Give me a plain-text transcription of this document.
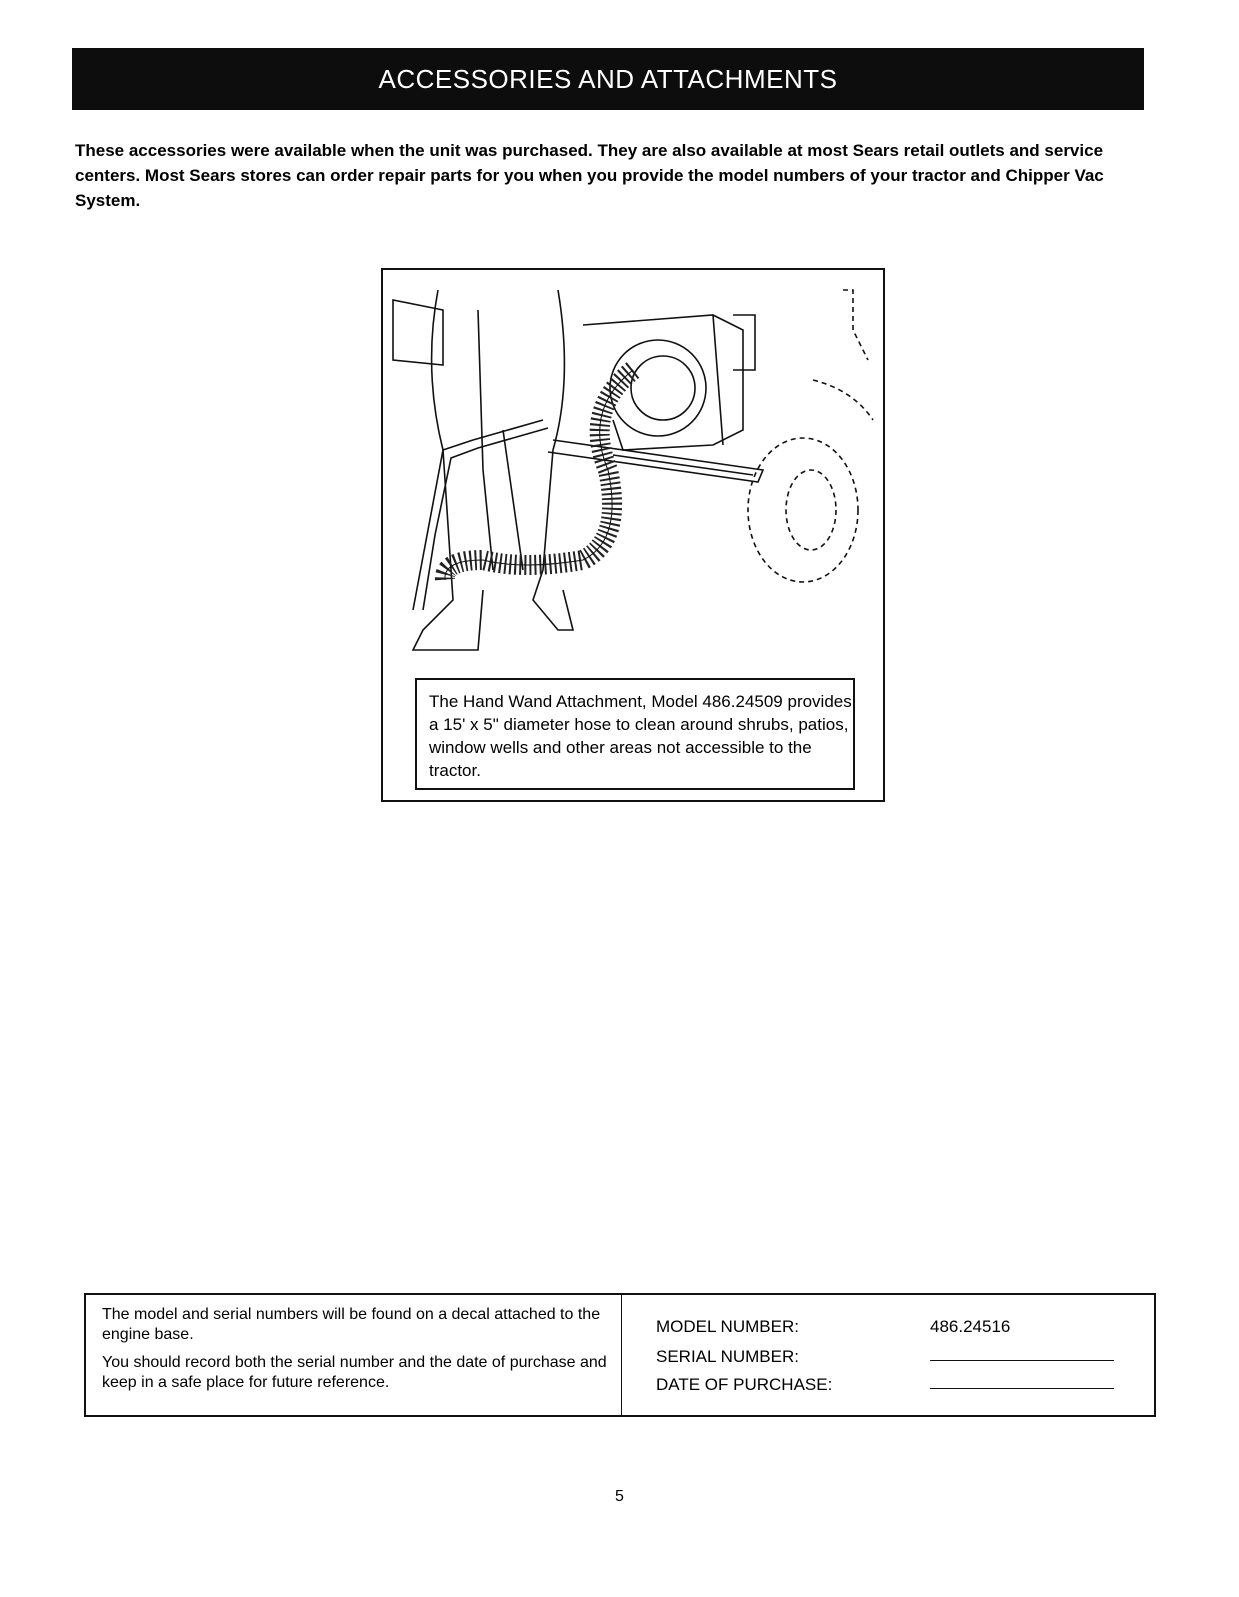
ACCESSORIES AND ATTACHMENTS
These accessories were available when the unit was purchased. They are also available at most Sears retail outlets and service centers. Most Sears stores can order repair parts for you when you provide the model numbers of your tractor and Chipper Vac System.
The Hand Wand Attachment, Model 486.24509 provides a 15' x 5" diameter hose to clean around shrubs, patios, window wells and other areas not accessible to the tractor.

The model and serial numbers will be found on a decal attached to the engine base.

You should record both the serial number and the date of purchase and keep in a safe place for future reference.

MODEL NUMBER:	486.24516
SERIAL NUMBER:
DATE OF PURCHASE:
5
